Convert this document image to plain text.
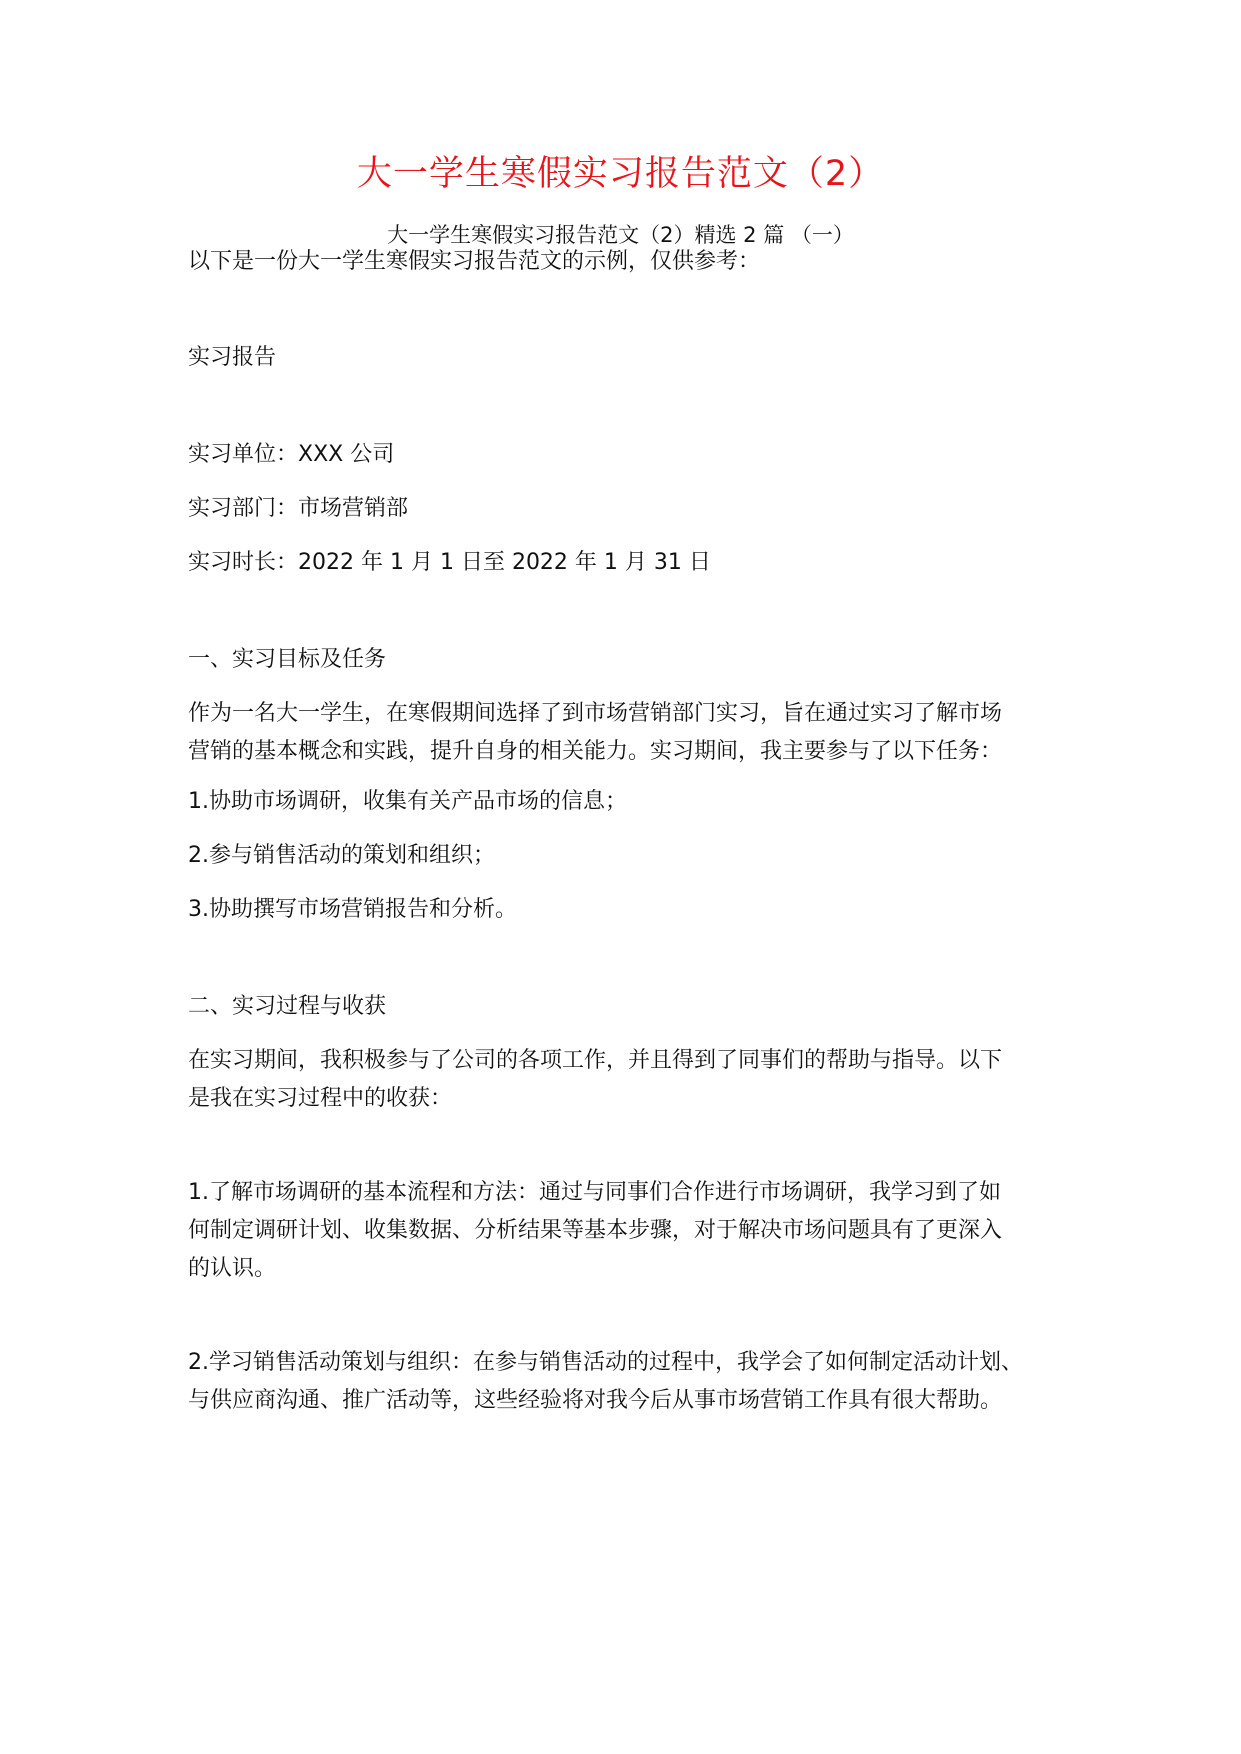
大一学生寒假实习报告范文（2）
大一学生寒假实习报告范文（2）精选 2 篇 （一）
以下是一份大一学生寒假实习报告范文的示例，仅供参考：
实习报告
实习单位：XXX 公司
实习部门：市场营销部
实习时长：2022 年 1 月 1 日至 2022 年 1 月 31 日
一、实习目标及任务
作为一名大一学生，在寒假期间选择了到市场营销部门实习，旨在通过实习了解市场
营销的基本概念和实践，提升自身的相关能力。实习期间，我主要参与了以下任务：
1.协助市场调研，收集有关产品市场的信息；
2.参与销售活动的策划和组织；
3.协助撰写市场营销报告和分析。
二、实习过程与收获
在实习期间，我积极参与了公司的各项工作，并且得到了同事们的帮助与指导。以下
是我在实习过程中的收获：
1.了解市场调研的基本流程和方法：通过与同事们合作进行市场调研，我学习到了如
何制定调研计划、收集数据、分析结果等基本步骤，对于解决市场问题具有了更深入
的认识。
2.学习销售活动策划与组织：在参与销售活动的过程中，我学会了如何制定活动计划、
与供应商沟通、推广活动等，这些经验将对我今后从事市场营销工作具有很大帮助。
